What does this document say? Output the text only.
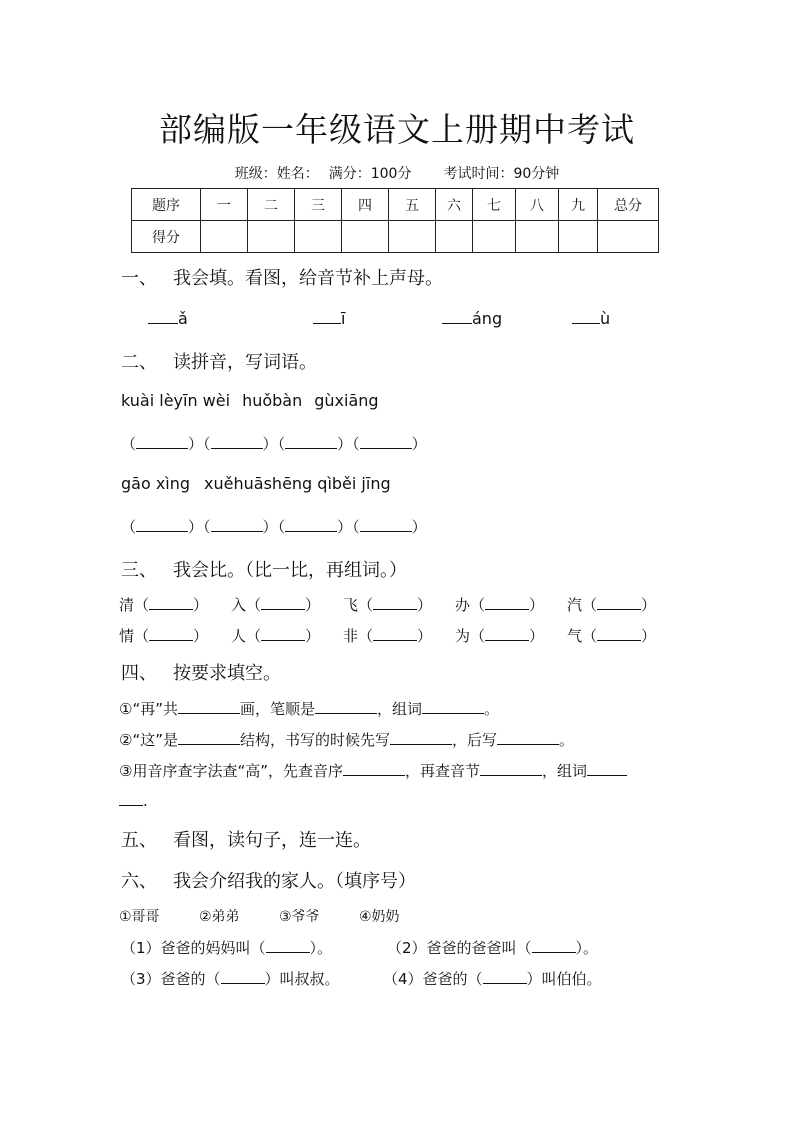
部编版一年级语文上册期中考试
班级：姓名： 满分：100分 考试时间：90分钟
题序	一	二	三	四	五	六	七	八	九	总分
得分										
一、 我会填。看图，给音节补上声母。
ǎ	ī	áng	ù
二、 读拼音，写词语。
kuài lèyīn wèi huǒbàn gùxiāng
（	）（	）（	）（	）
gāo xìng xuěhuāshēng qìběi jīng
（	）（	）（	）（	）
三、 我会比。（比一比，再组词。）
清（	） 入（	） 飞（	） 办（	） 汽（	）
情（	） 人（	） 非（	） 为（	） 气（	）
四、 按要求填空。
①“再”共	画，笔顺是	，组词	。
②“这”是	结构，书写的时候先写	，后写	。
③用音序查字法查“高”，先查音序	，再查音节	，组词
.
五、 看图，读句子，连一连。
六、 我会介绍我的家人。（填序号）
①哥哥	②弟弟	③爷爷	④奶奶
（1）爸爸的妈妈叫（	）。	（2）爸爸的爸爸叫（	）。
（3）爸爸的（	）叫叔叔。	（4）爸爸的（	）叫伯伯。
